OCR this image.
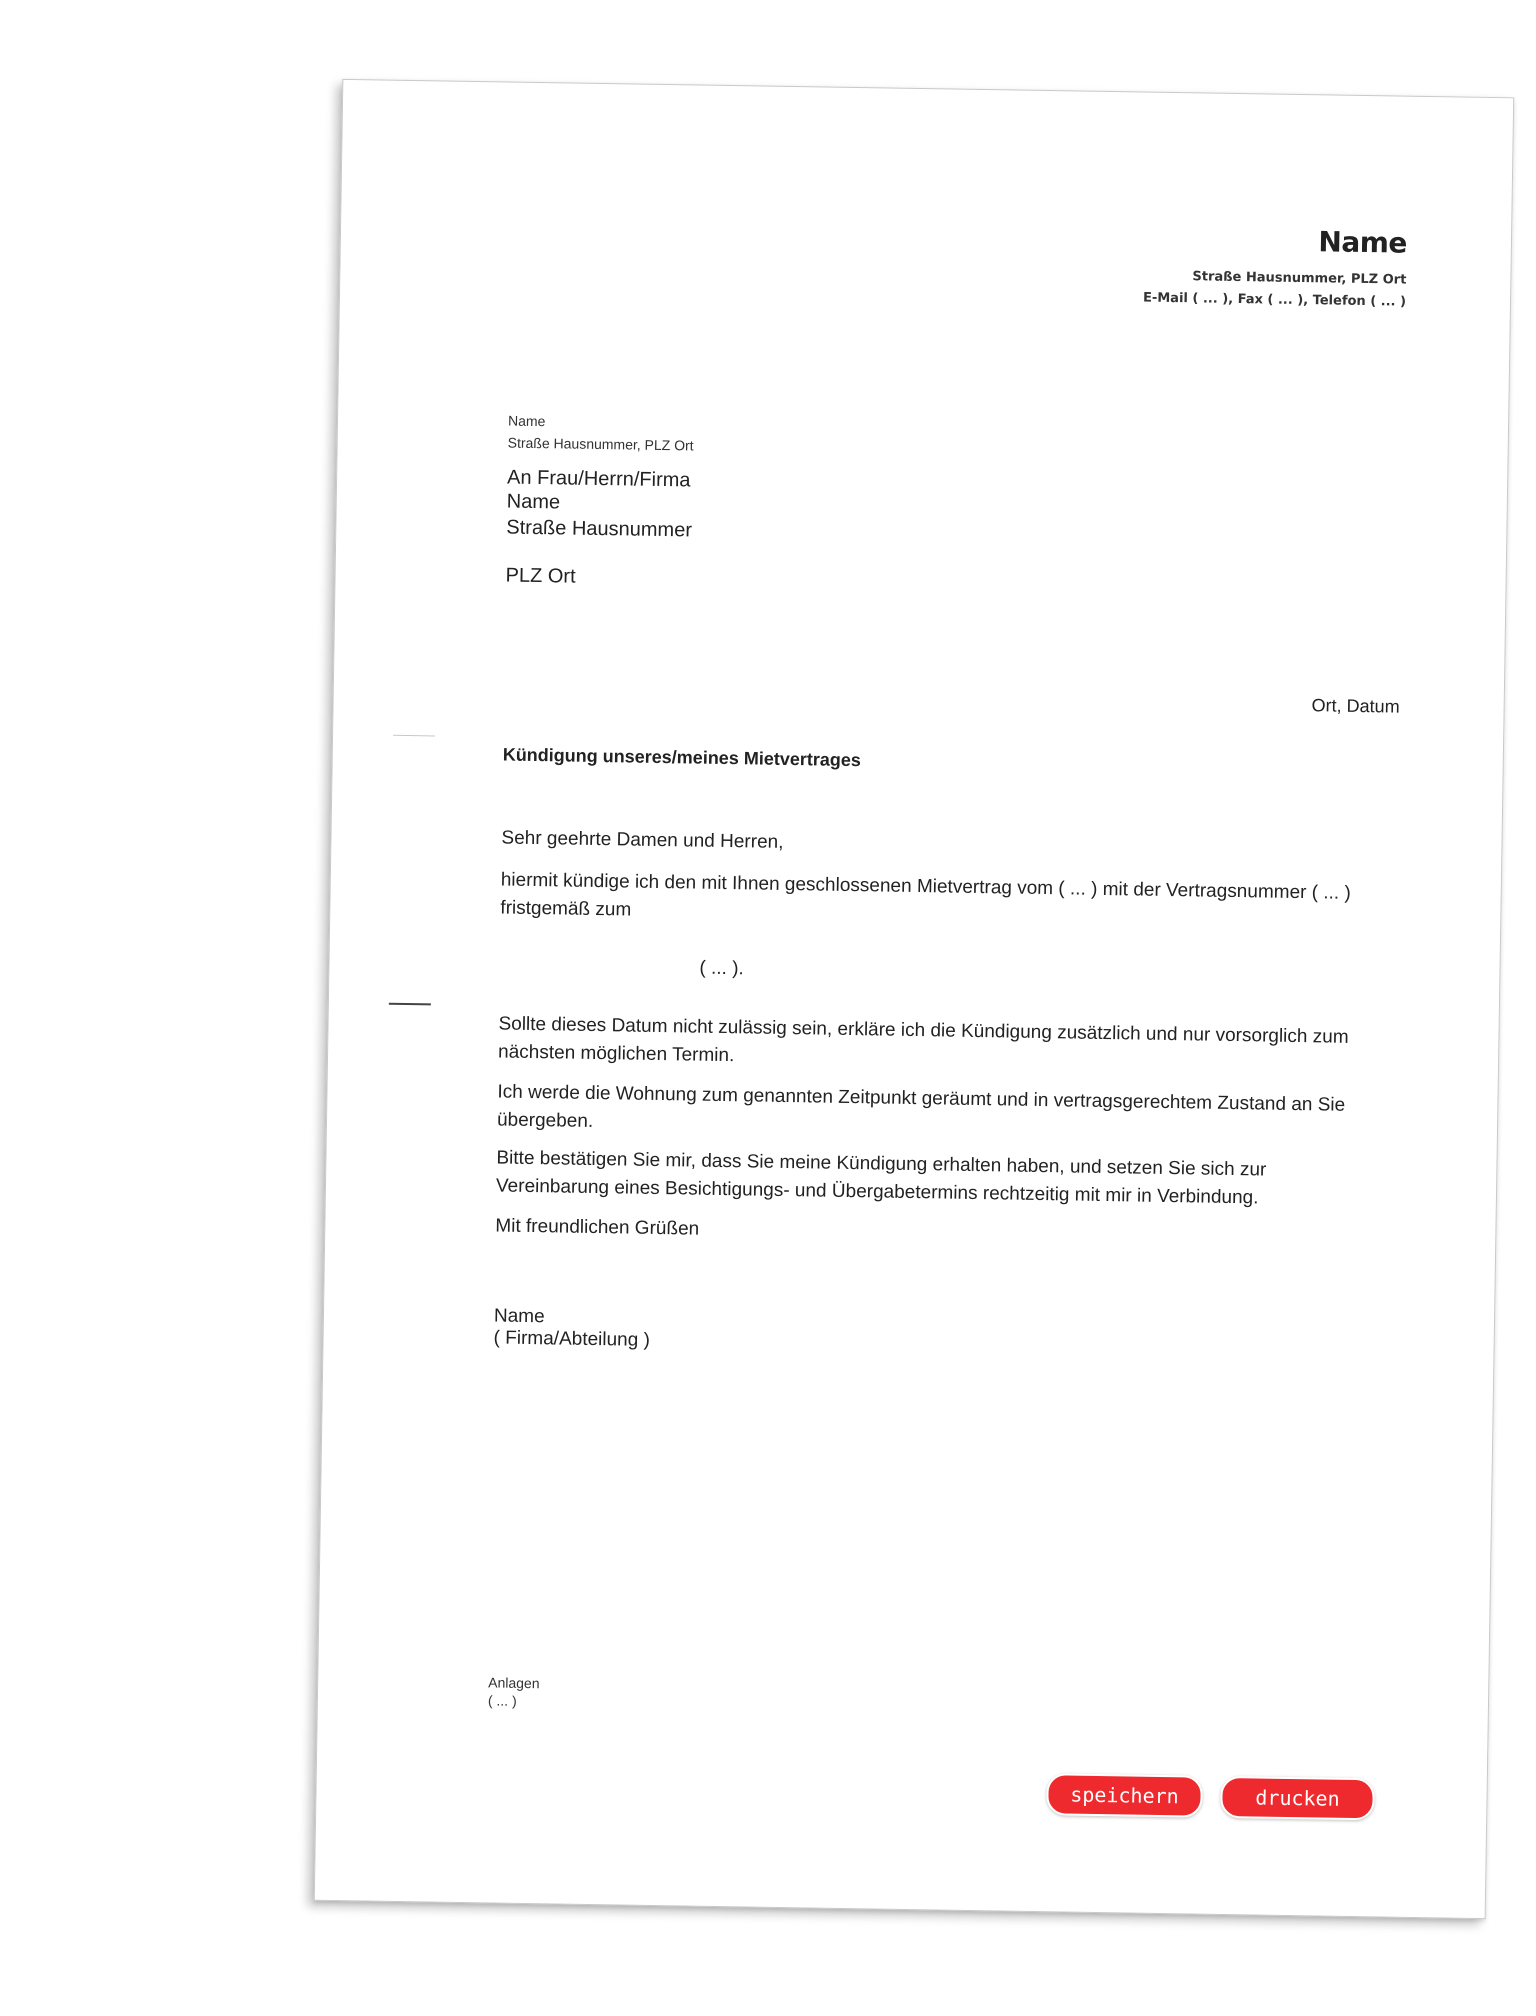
Name
Straße Hausnummer, PLZ Ort
E-Mail ( ... ), Fax ( ... ), Telefon ( ... )
Name
Straße Hausnummer, PLZ Ort
An Frau/Herrn/Firma
Name
Straße Hausnummer
PLZ Ort
Ort, Datum
Kündigung unseres/meines Mietvertrages
Sehr geehrte Damen und Herren,
hiermit kündige ich den mit Ihnen geschlossenen Mietvertrag vom ( ... ) mit der Vertragsnummer ( ... )
fristgemäß zum
( ... ).
Sollte dieses Datum nicht zulässig sein, erkläre ich die Kündigung zusätzlich und nur vorsorglich zum
nächsten möglichen Termin.
Ich werde die Wohnung zum genannten Zeitpunkt geräumt und in vertragsgerechtem Zustand an Sie
übergeben.
Bitte bestätigen Sie mir, dass Sie meine Kündigung erhalten haben, und setzen Sie sich zur
Vereinbarung eines Besichtigungs- und Übergabetermins rechtzeitig mit mir in Verbindung.
Mit freundlichen Grüßen
Name
( Firma/Abteilung )
Anlagen
( ... )
speichern	drucken
